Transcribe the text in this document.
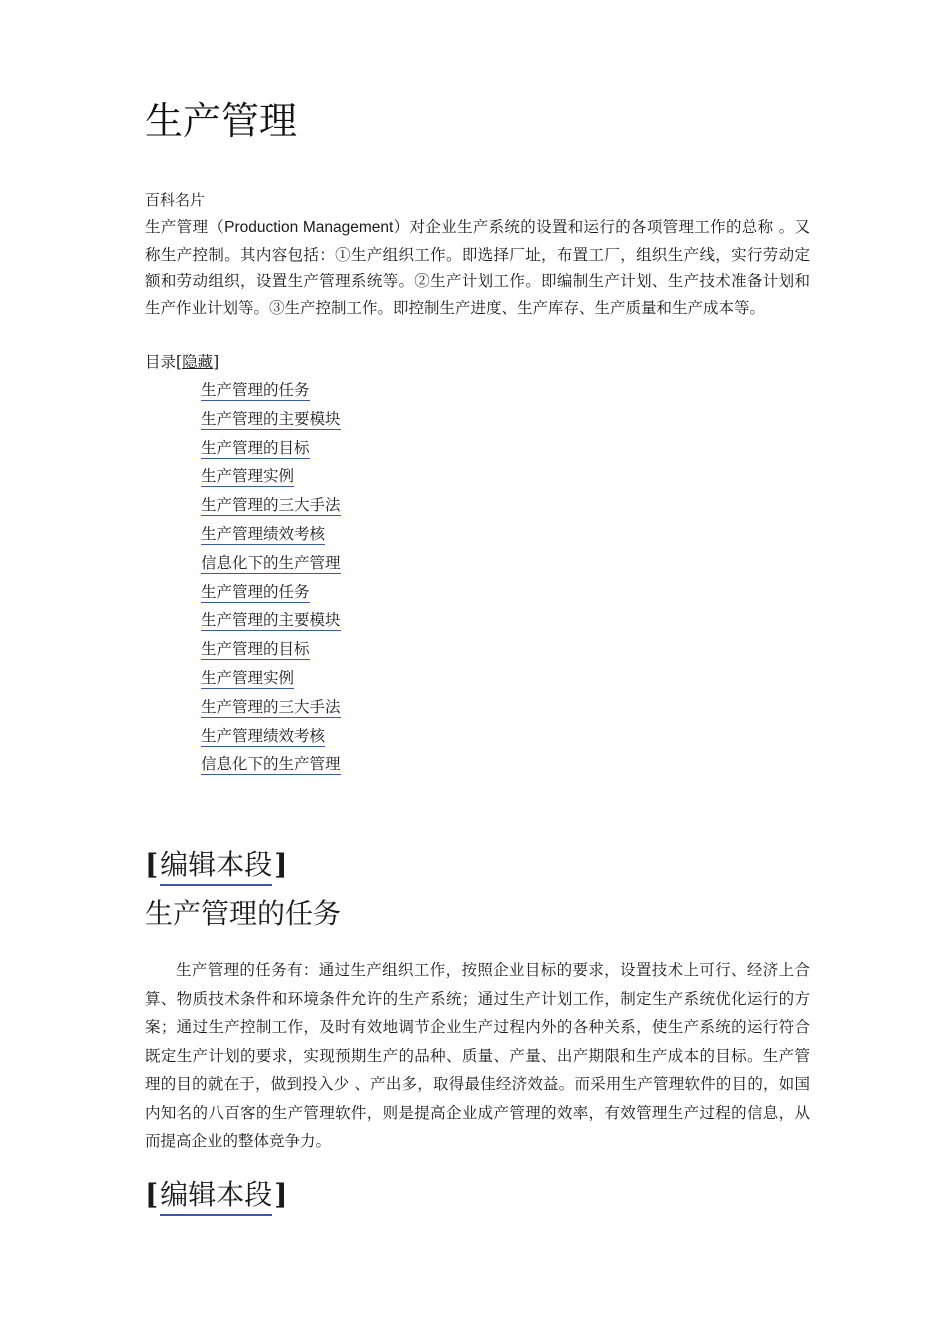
生产管理
百科名片

生产管理（Production Management）对企业生产系统的设置和运行的各项管理工作的总称 。又称生产控制。其内容包括：①生产组织工作。即选择厂址，布置工厂，组织生产线，实行劳动定额和劳动组织，设置生产管理系统等。②生产计划工作。即编制生产计划、生产技术准备计划和生产作业计划等。③生产控制工作。即控制生产进度、生产库存、生产质量和生产成本等。

目录[隐藏]
生产管理的任务
生产管理的主要模块
生产管理的目标
生产管理实例
生产管理的三大手法
生产管理绩效考核
信息化下的生产管理
生产管理的任务
生产管理的主要模块
生产管理的目标
生产管理实例
生产管理的三大手法
生产管理绩效考核
信息化下的生产管理
[编辑本段]
生产管理的任务

生产管理的任务有：通过生产组织工作，按照企业目标的要求，设置技术上可行、经济上合算、物质技术条件和环境条件允许的生产系统；通过生产计划工作，制定生产系统优化运行的方案；通过生产控制工作，及时有效地调节企业生产过程内外的各种关系，使生产系统的运行符合既定生产计划的要求，实现预期生产的品种、质量、产量、出产期限和生产成本的目标。生产管理的目的就在于，做到投入少 、产出多，取得最佳经济效益。而采用生产管理软件的目的，如国内知名的八百客的生产管理软件，则是提高企业成产管理的效率，有效管理生产过程的信息，从而提高企业的整体竞争力。

[编辑本段]
